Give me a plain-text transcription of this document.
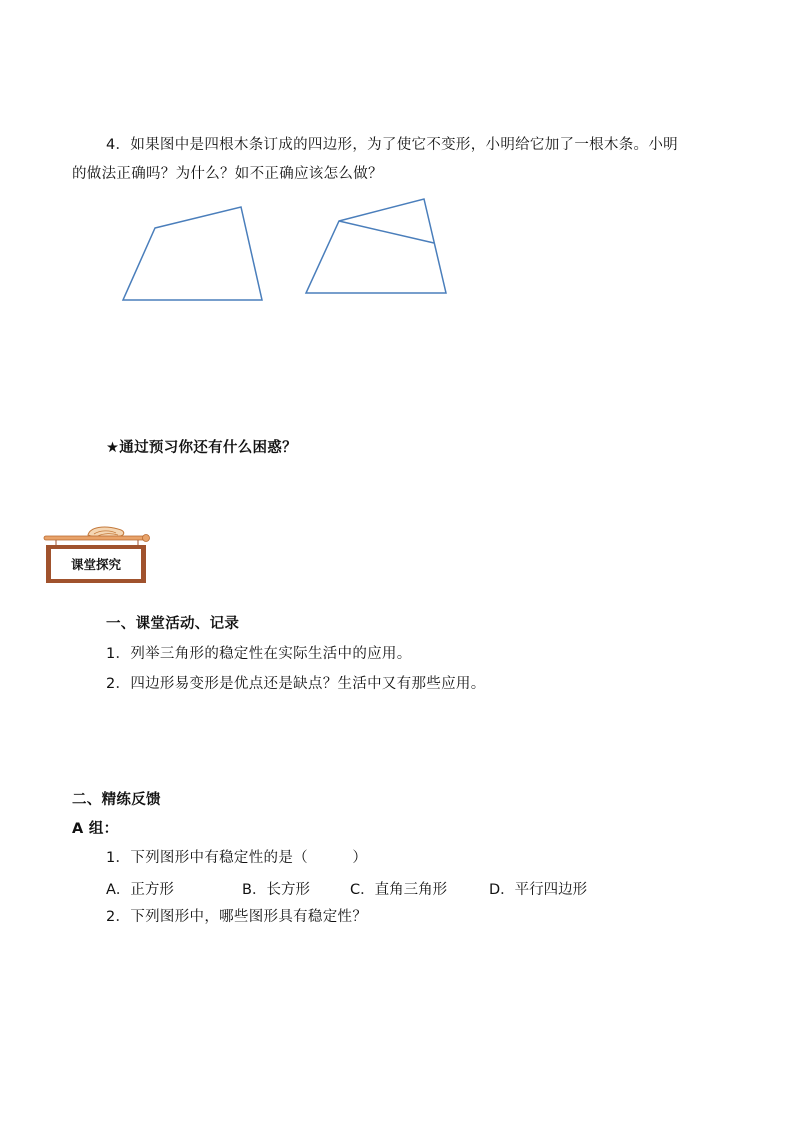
4．如果图中是四根木条订成的四边形，为了使它不变形，小明给它加了一根木条。小明
的做法正确吗？为什么？如不正确应该怎么做？
★通过预习你还有什么困惑？
课堂探究
一、课堂活动、记录
1．列举三角形的稳定性在实际生活中的应用。
2．四边形易变形是优点还是缺点？生活中又有那些应用。
二、精练反馈
A 组：
1．下列图形中有稳定性的是（　　　）
A．正方形	B．长方形	C．直角三角形	D．平行四边形
2．下列图形中，哪些图形具有稳定性？
